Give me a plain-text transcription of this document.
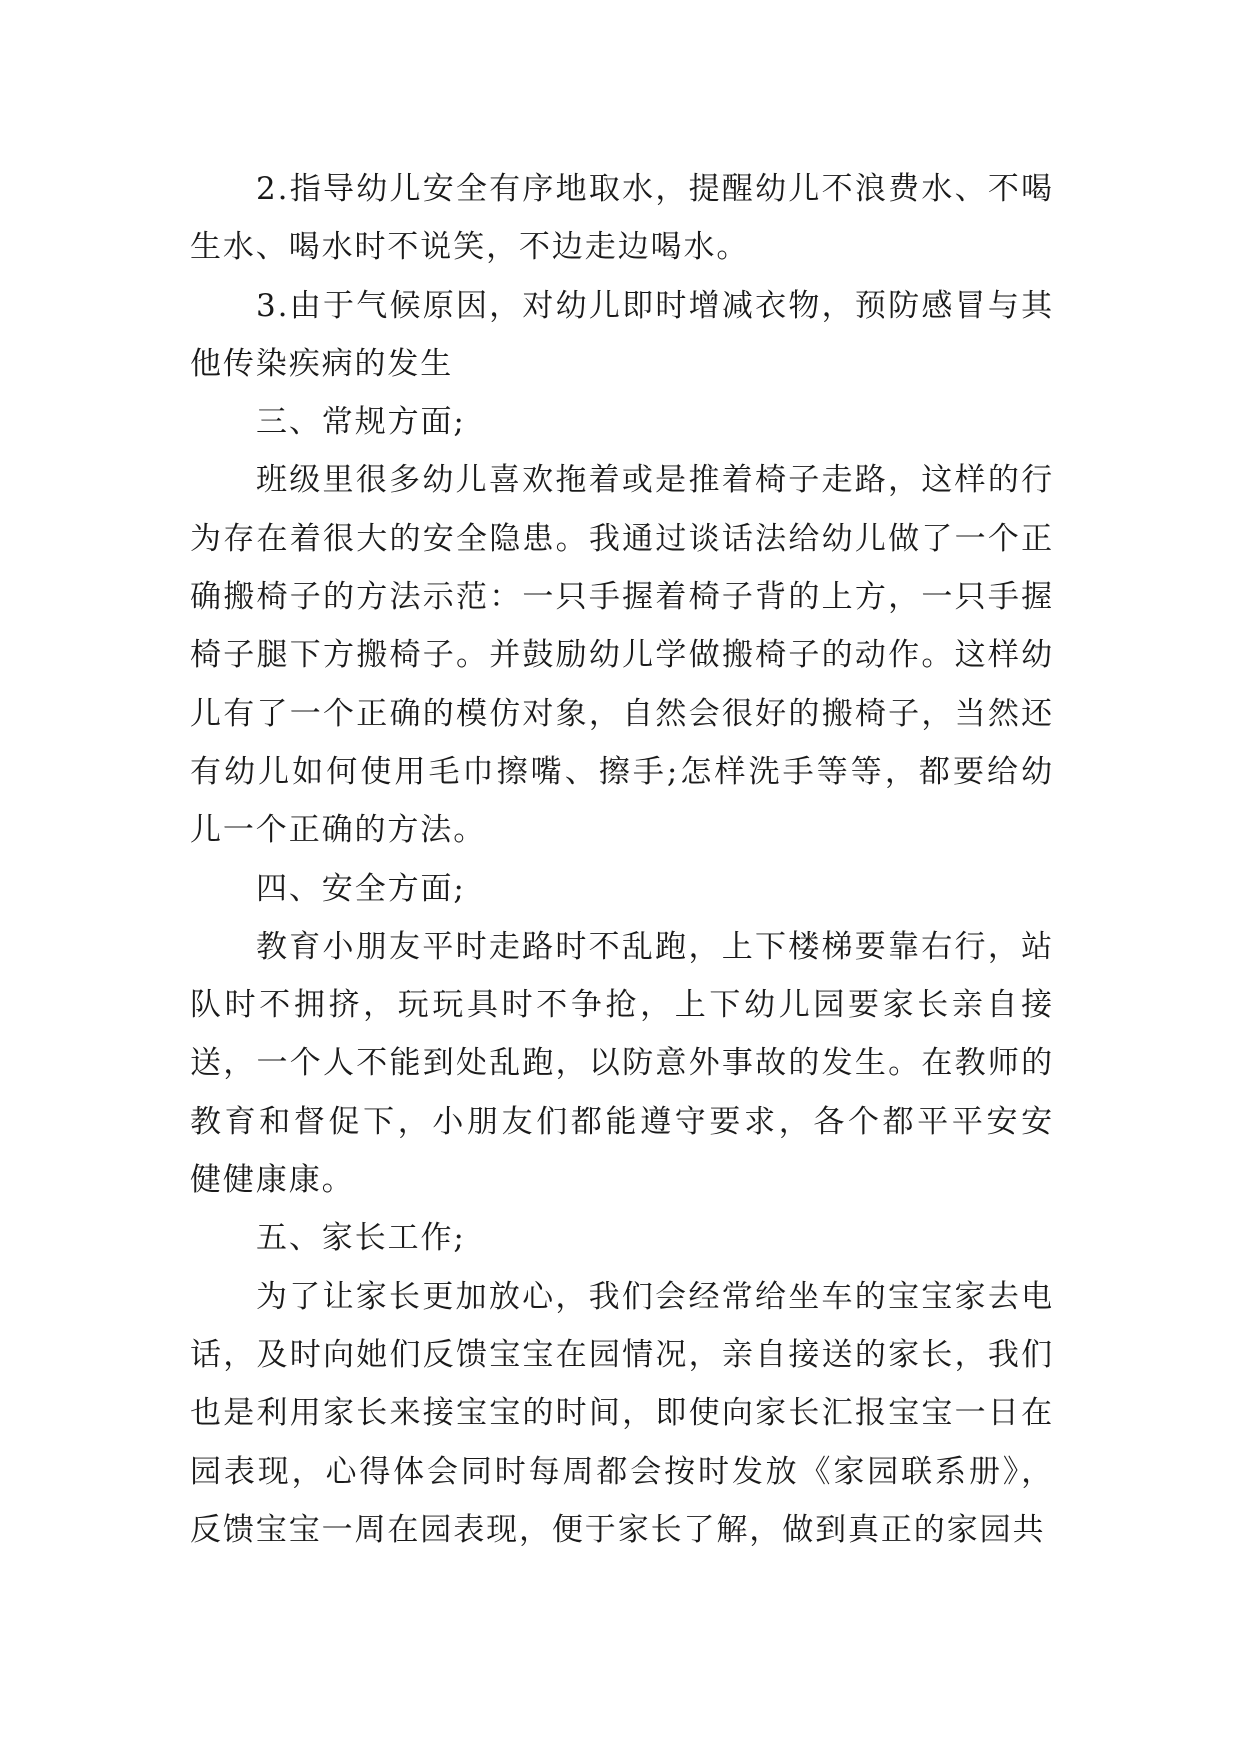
2.指导幼儿安全有序地取水，提醒幼儿不浪费水、不喝生水、喝水时不说笑，不边走边喝水。

3.由于气候原因，对幼儿即时增减衣物，预防感冒与其他传染疾病的发生

三、常规方面;

班级里很多幼儿喜欢拖着或是推着椅子走路，这样的行为存在着很大的安全隐患。我通过谈话法给幼儿做了一个正确搬椅子的方法示范：一只手握着椅子背的上方，一只手握椅子腿下方搬椅子。并鼓励幼儿学做搬椅子的动作。这样幼儿有了一个正确的模仿对象，自然会很好的搬椅子，当然还有幼儿如何使用毛巾擦嘴、擦手;怎样洗手等等，都要给幼儿一个正确的方法。

四、安全方面;

教育小朋友平时走路时不乱跑，上下楼梯要靠右行，站队时不拥挤，玩玩具时不争抢，上下幼儿园要家长亲自接送，一个人不能到处乱跑，以防意外事故的发生。在教师的教育和督促下，小朋友们都能遵守要求，各个都平平安安 健健康康。

五、家长工作;

为了让家长更加放心，我们会经常给坐车的宝宝家去电话，及时向她们反馈宝宝在园情况，亲自接送的家长，我们也是利用家长来接宝宝的时间，即使向家长汇报宝宝一日在园表现，心得体会同时每周都会按时发放《家园联系册》，反馈宝宝一周在园表现，便于家长了解，做到真正的家园共
